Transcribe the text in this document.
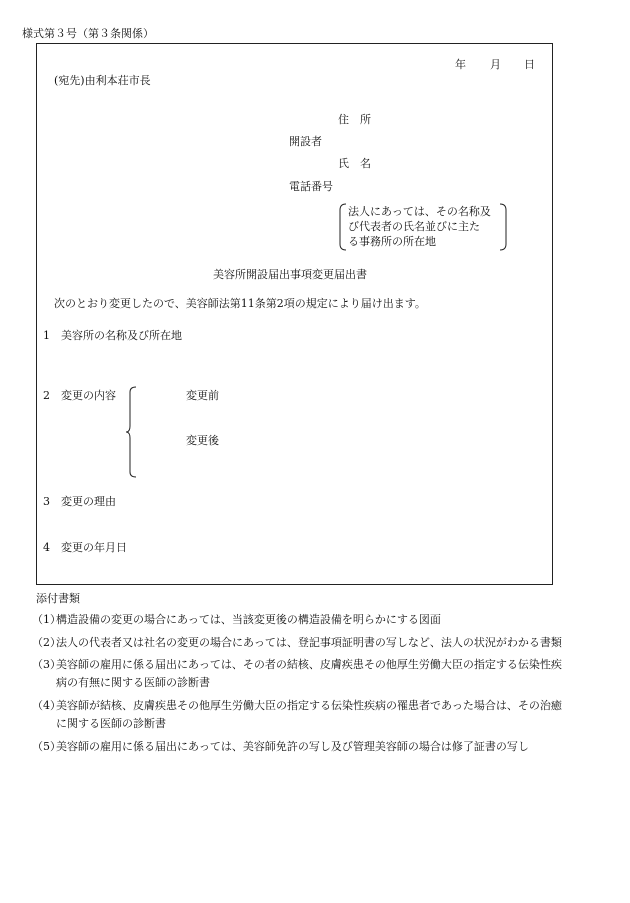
様式第３号（第３条関係）
年 月 日
(宛先)由利本荘市長
住　所
開設者
氏　名
電話番号
法人にあっては、その名称及
び代表者の氏名並びに主た
る事務所の所在地
美容所開設届出事項変更届出書
次のとおり変更したので、美容師法第11条第2項の規定により届け出ます。
1 美容所の名称及び所在地
2 変更の内容	変更前
変更後
3 変更の理由
4 変更の年月日
添付書類
（1）構造設備の変更の場合にあっては、当該変更後の構造設備を明らかにする図面
（2）法人の代表者又は社名の変更の場合にあっては、登記事項証明書の写しなど、法人の状況がわかる書類
（3）美容師の雇用に係る届出にあっては、その者の結核、皮膚疾患その他厚生労働大臣の指定する伝染性疾
病の有無に関する医師の診断書
（4）美容師が結核、皮膚疾患その他厚生労働大臣の指定する伝染性疾病の罹患者であった場合は、その治癒
に関する医師の診断書
（5）美容師の雇用に係る届出にあっては、美容師免許の写し及び管理美容師の場合は修了証書の写し
